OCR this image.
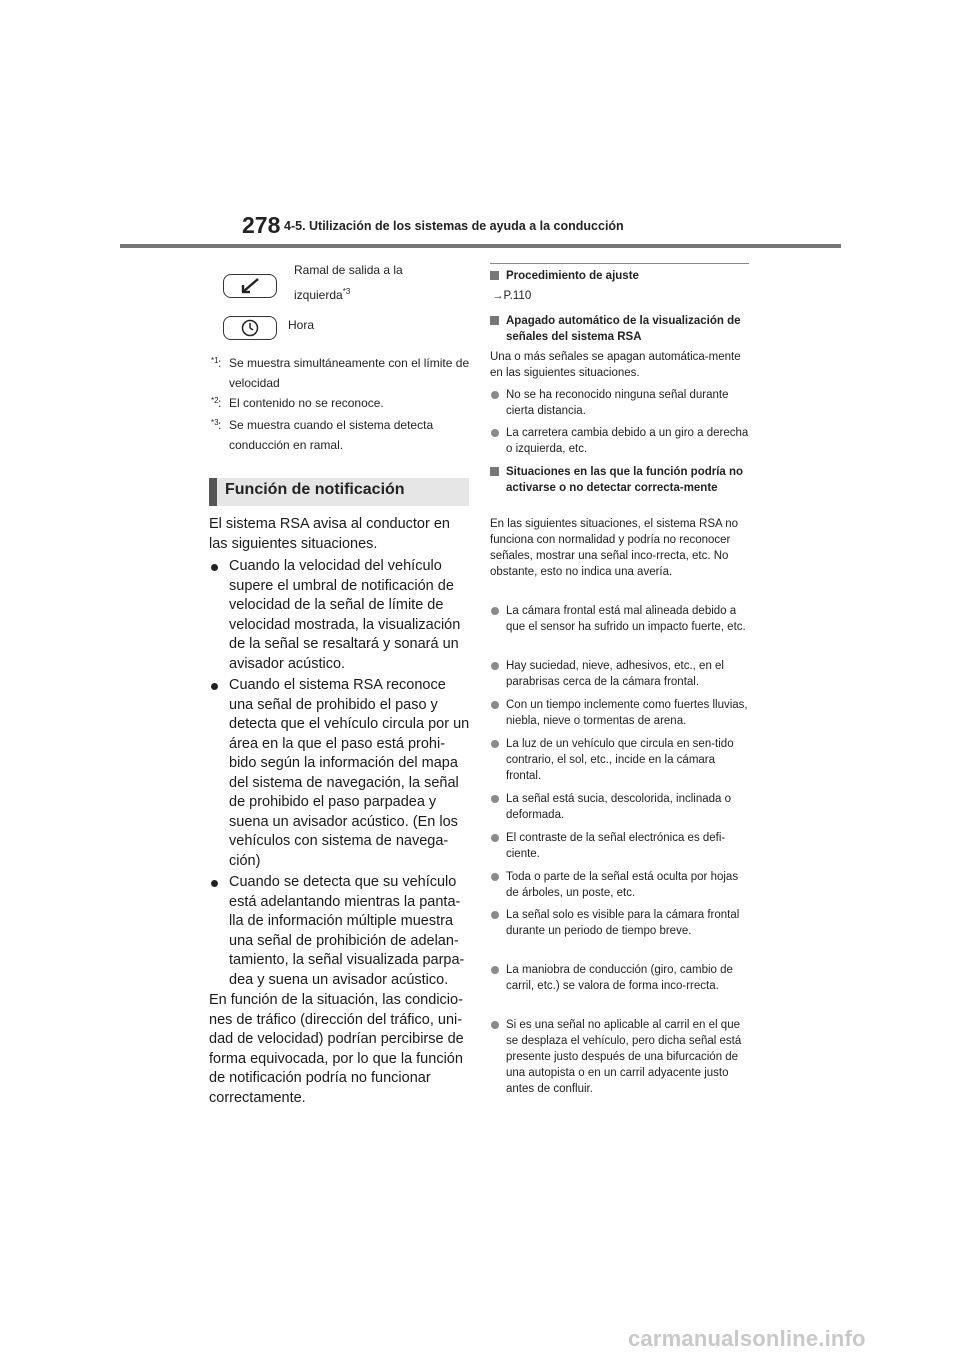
278 4-5. Utilización de los sistemas de ayuda a la conducción
Ramal de salida a la
izquierda$^{*3}$
Hora
*1 : Se muestra simultáneamente con el límite de velocidad
*2 : El contenido no se reconoce.
*3 : Se muestra cuando el sistema detecta conducción en ramal.
Función de notificación
El sistema RSA avisa al conductor en las siguientes situaciones.
Cuando la velocidad del vehículo supere el umbral de notificación de velocidad de la señal de límite de velocidad mostrada, la visualización de la señal se resaltará y sonará un avisador acústico.
Cuando el sistema RSA reconoce una señal de prohibido el paso y detecta que el vehículo circula por un área en la que el paso está prohi-bido según la información del mapa del sistema de navegación, la señal de prohibido el paso parpadea y suena un avisador acústico. (En los vehículos con sistema de navega-ción)
Cuando se detecta que su vehículo está adelantando mientras la panta-lla de información múltiple muestra una señal de prohibición de adelan-tamiento, la señal visualizada parpa-dea y suena un avisador acústico.
En función de la situación, las condicio-nes de tráfico (dirección del tráfico, uni-dad de velocidad) podrían percibirse de forma equivocada, por lo que la función de notificación podría no funcionar correctamente.
Procedimiento de ajuste
→P.110
Apagado automático de la visualización de señales del sistema RSA
Una o más señales se apagan automática-mente en las siguientes situaciones.
No se ha reconocido ninguna señal durante cierta distancia.
La carretera cambia debido a un giro a derecha o izquierda, etc.
Situaciones en las que la función podría no activarse o no detectar correcta-mente
En las siguientes situaciones, el sistema RSA no funciona con normalidad y podría no reconocer señales, mostrar una señal inco-rrecta, etc. No obstante, esto no indica una avería.
La cámara frontal está mal alineada debido a que el sensor ha sufrido un impacto fuerte, etc.
Hay suciedad, nieve, adhesivos, etc., en el parabrisas cerca de la cámara frontal.
Con un tiempo inclemente como fuertes lluvias, niebla, nieve o tormentas de arena.
La luz de un vehículo que circula en sen-tido contrario, el sol, etc., incide en la cámara frontal.
La señal está sucia, descolorida, inclinada o deformada.
El contraste de la señal electrónica es defi-ciente.
Toda o parte de la señal está oculta por hojas de árboles, un poste, etc.
La señal solo es visible para la cámara frontal durante un periodo de tiempo breve.
La maniobra de conducción (giro, cambio de carril, etc.) se valora de forma inco-rrecta.
Si es una señal no aplicable al carril en el que se desplaza el vehículo, pero dicha señal está presente justo después de una bifurcación de una autopista o en un carril adyacente justo antes de confluir.
carmanualsonline.info
